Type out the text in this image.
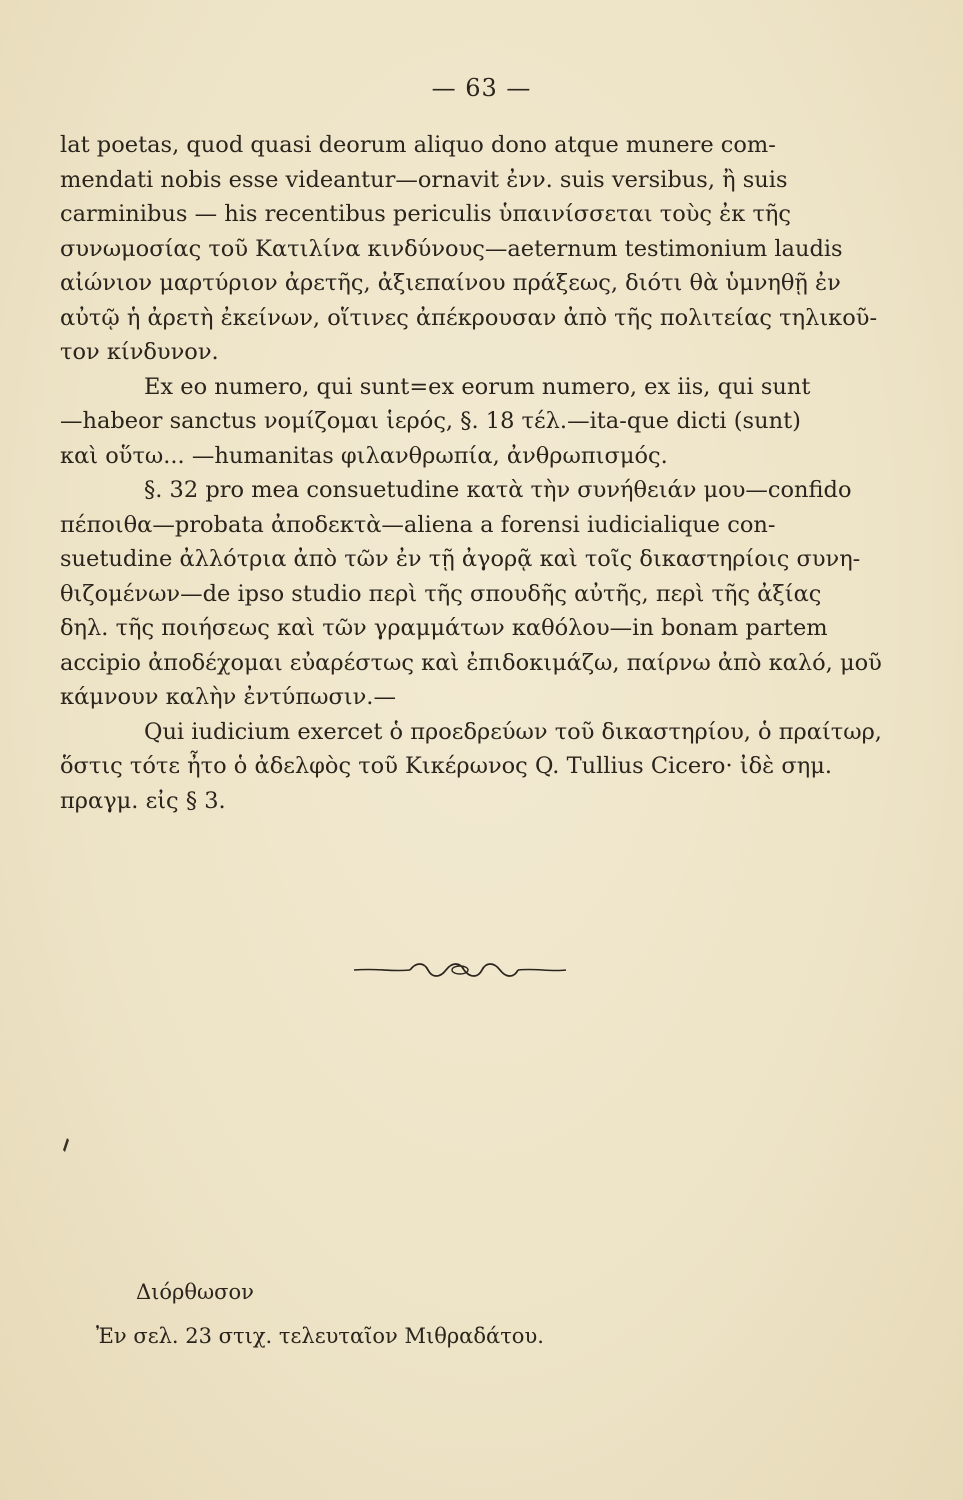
— 63 —
lat poetas, quod quasi deorum aliquo dono atque munere com-
mendati nobis esse videantur—ornavit ἐνν. suis versibus, ἢ suis
carminibus — his recentibus periculis ὑπαινίσσεται τοὺς ἐκ τῆς
συνωμοσίας τοῦ Κατιλίνα κινδύνους—aeternum testimonium laudis
αἰώνιον μαρτύριον ἀρετῆς, ἀξιεπαίνου πράξεως, διότι θὰ ὑμνηθῇ ἐν
αὐτῷ ἡ ἀρετὴ ἐκείνων, οἵτινες ἀπέκρουσαν ἀπὸ τῆς πολιτείας τηλικοῦ-
τον κίνδυνον.
Ex eo numero, qui sunt=ex eorum numero, ex iis, qui sunt
—habeor sanctus νομίζομαι ἱερός, §. 18 τέλ.—ita-que dicti (sunt)
καὶ οὕτω... —humanitas φιλανθρωπία, ἀνθρωπισμός.
§. 32 pro mea consuetudine κατὰ τὴν συνήθειάν μου—confido
πέποιθα—probata ἀποδεκτὰ—aliena a forensi iudicialique con-
suetudine ἀλλότρια ἀπὸ τῶν ἐν τῇ ἀγορᾷ καὶ τοῖς δικαστηρίοις συνη-
θιζομένων—de ipso studio περὶ τῆς σπουδῆς αὐτῆς, περὶ τῆς ἀξίας
δηλ. τῆς ποιήσεως καὶ τῶν γραμμάτων καθόλου—in bonam partem
accipio ἀποδέχομαι εὐαρέστως καὶ ἐπιδοκιμάζω, παίρνω ἀπὸ καλό, μοῦ
κάμνουν καλὴν ἐντύπωσιν.—
Qui iudicium exercet ὁ προεδρεύων τοῦ δικαστηρίου, ὁ πραίτωρ,
ὅστις τότε ἦτο ὁ ἀδελφὸς τοῦ Κικέρωνος Q. Tullius Cicero· ἰδὲ σημ.
πραγμ. εἰς § 3.
Διόρθωσον
Ἐν σελ. 23 στιχ. τελευταῖον Μιθραδάτου.
